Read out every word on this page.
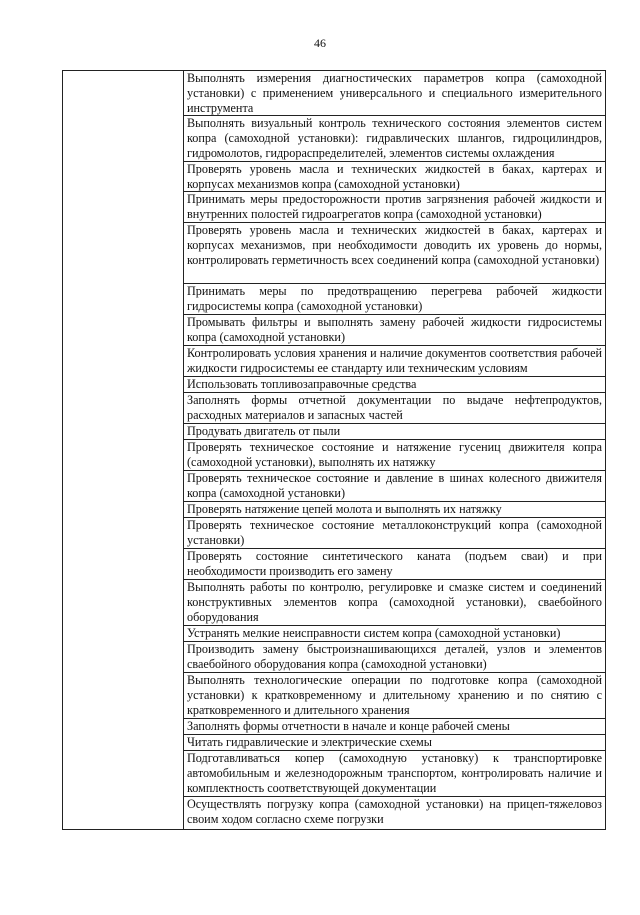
46
Выполнять измерения диагностических параметров копра (самоходной установки) с применением универсального и специального измерительного инструмента
Выполнять визуальный контроль технического состояния элементов систем копра (самоходной установки): гидравлических шлангов, гидроцилиндров, гидромолотов, гидрораспределителей, элементов системы охлаждения
Проверять уровень масла и технических жидкостей в баках, картерах и корпусах механизмов копра (самоходной установки)
Принимать меры предосторожности против загрязнения рабочей жидкости и внутренних полостей гидроагрегатов копра (самоходной установки)
Проверять уровень масла и технических жидкостей в баках, картерах и корпусах механизмов, при необходимости доводить их уровень до нормы, контролировать герметичность всех соединений копра (самоходной установки)
Принимать меры по предотвращению перегрева рабочей жидкости гидросистемы копра (самоходной установки)
Промывать фильтры и выполнять замену рабочей жидкости гидросистемы копра (самоходной установки)
Контролировать условия хранения и наличие документов соответствия рабочей жидкости гидросистемы ее стандарту или техническим условиям
Использовать топливозаправочные средства
Заполнять формы отчетной документации по выдаче нефтепродуктов, расходных материалов и запасных частей
Продувать двигатель от пыли
Проверять техническое состояние и натяжение гусениц движителя копра (самоходной установки), выполнять их натяжку
Проверять техническое состояние и давление в шинах колесного движителя копра (самоходной установки)
Проверять натяжение цепей молота и выполнять их натяжку
Проверять техническое состояние металлоконструкций копра (самоходной установки)
Проверять состояние синтетического каната (подъем сваи) и при необходимости производить его замену
Выполнять работы по контролю, регулировке и смазке систем и соединений конструктивных элементов копра (самоходной установки), сваебойного оборудования
Устранять мелкие неисправности систем копра (самоходной установки)
Производить замену быстроизнашивающихся деталей, узлов и элементов сваебойного оборудования копра (самоходной установки)
Выполнять технологические операции по подготовке копра (самоходной установки) к кратковременному и длительному хранению и по снятию с кратковременного и длительного хранения
Заполнять формы отчетности в начале и конце рабочей смены
Читать гидравлические и электрические схемы
Подготавливаться копер (самоходную установку) к транспортировке автомобильным и железнодорожным транспортом, контролировать наличие и комплектность соответствующей документации
Осуществлять погрузку копра (самоходной установки) на прицеп-тяжеловоз своим ходом согласно схеме погрузки
